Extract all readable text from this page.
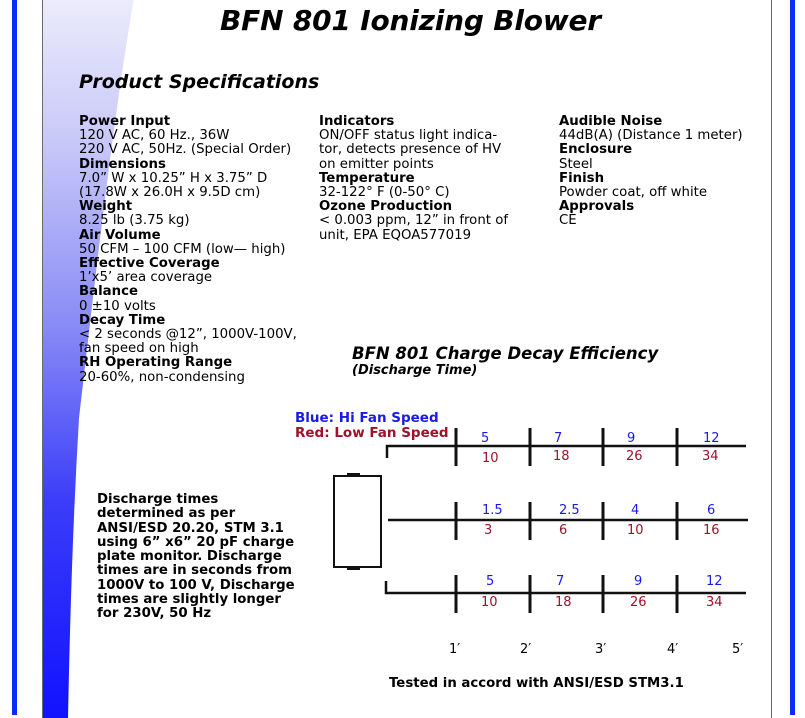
BFN 801 Ionizing Blower
Product Specifications
Power Input
120 V AC, 60 Hz., 36W
220 V AC, 50Hz. (Special Order)
Dimensions
7.0” W x 10.25” H x 3.75” D
(17.8W x 26.0H x 9.5D cm)
Weight
8.25 lb (3.75 kg)
Air Volume
50 CFM – 100 CFM (low— high)
Effective Coverage
1’x5’ area coverage
Balance
0 ±10 volts
Decay Time
< 2 seconds @12”, 1000V-100V,
fan speed on high
RH Operating Range
20-60%, non-condensing
Indicators
ON/OFF status light indica-
tor, detects presence of HV
on emitter points
Temperature
32-122° F (0-50° C)
Ozone Production
< 0.003 ppm, 12” in front of
unit, EPA EQOA577019
Audible Noise
44dB(A) (Distance 1 meter)
Enclosure
Steel
Finish
Powder coat, off white
Approvals
CE
BFN 801 Charge Decay Efficiency
(Discharge Time)
Blue: Hi Fan Speed
Red: Low Fan Speed
Discharge times determined as per ANSI/ESD 20.20, STM 3.1 using 6” x6” 20 pF charge plate monitor. Discharge times are in seconds from 1000V to 100 V, Discharge times are slightly longer for 230V, 50 Hz
5	7	9	12
10	18	26	34
1.5	2.5	4	6
3	6	10	16
5	7	9	12
10	18	26	34
1′	2′	3′	4′	5′
Tested in accord with ANSI/ESD STM3.1
